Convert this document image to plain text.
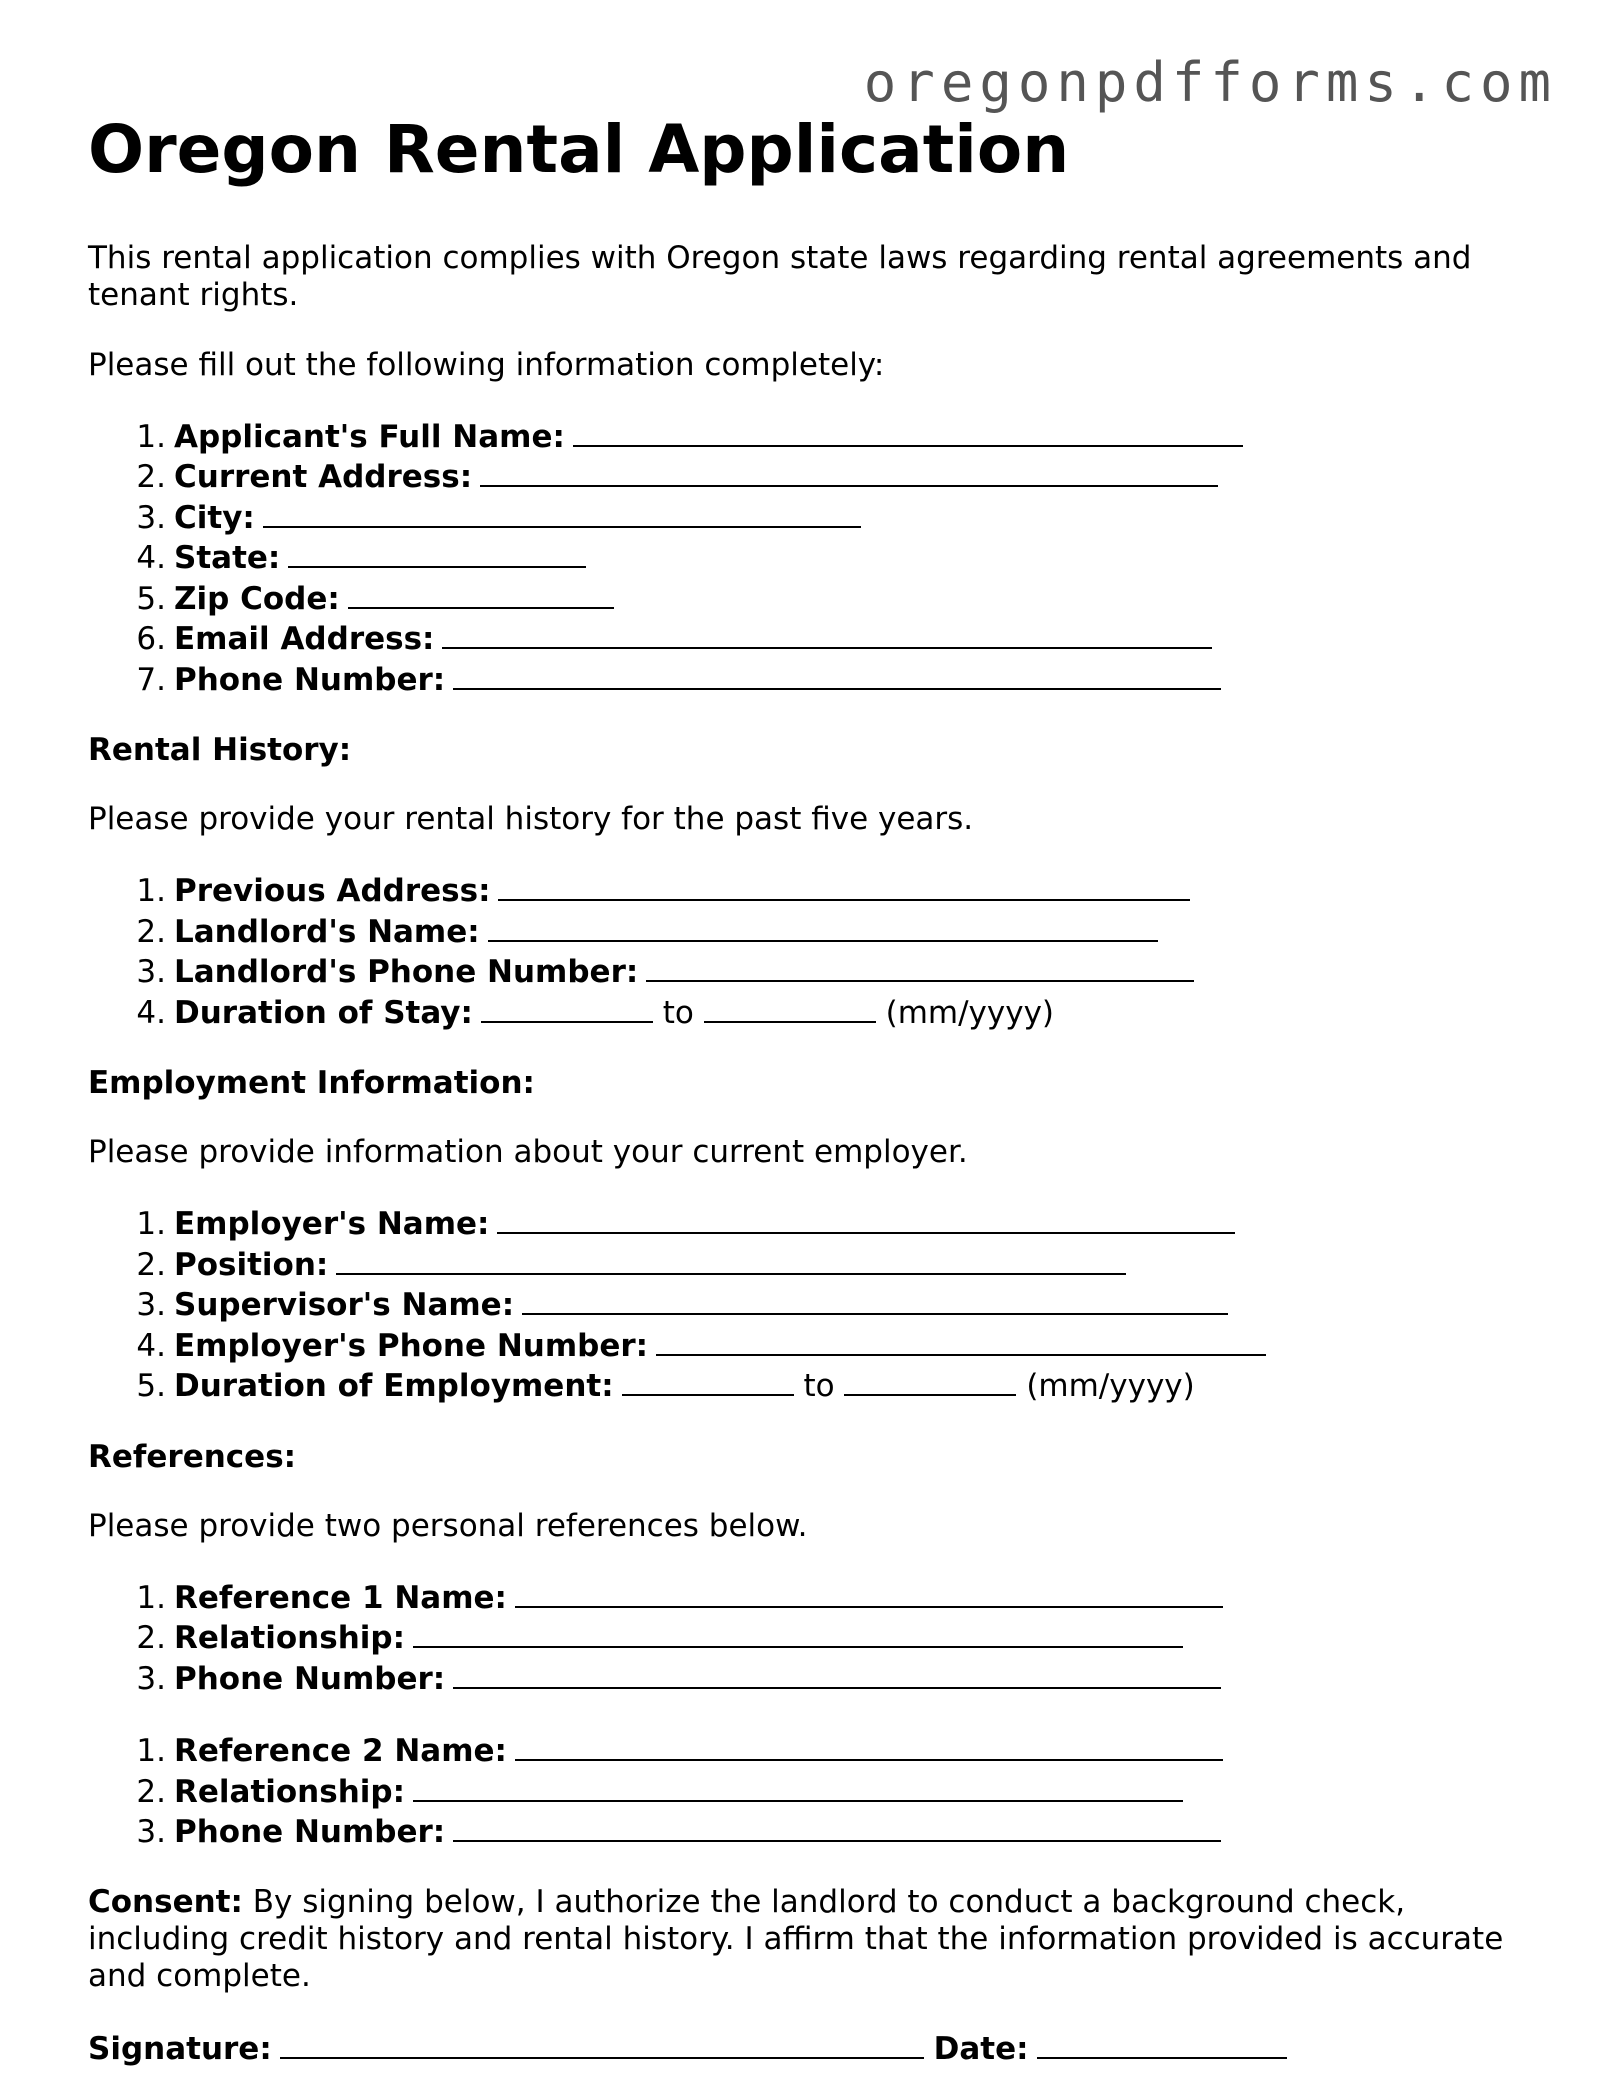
oregonpdfforms.com
Oregon Rental Application

This rental application complies with Oregon state laws regarding rental agreements and tenant rights.

Please fill out the following information completely:

1. Applicant's Full Name:
2. Current Address:
3. City:
4. State:
5. Zip Code:
6. Email Address:
7. Phone Number:

Rental History:

Please provide your rental history for the past five years.

1. Previous Address:
2. Landlord's Name:
3. Landlord's Phone Number:
4. Duration of Stay:	to	(mm/yyyy)

Employment Information:

Please provide information about your current employer.

1. Employer's Name:
2. Position:
3. Supervisor's Name:
4. Employer's Phone Number:
5. Duration of Employment:	to	(mm/yyyy)

References:

Please provide two personal references below.

1. Reference 1 Name:
2. Relationship:
3. Phone Number:
1. Reference 2 Name:
2. Relationship:
3. Phone Number:

Consent: By signing below, I authorize the landlord to conduct a background check, including credit history and rental history. I affirm that the information provided is accurate and complete.

Signature:	Date:
